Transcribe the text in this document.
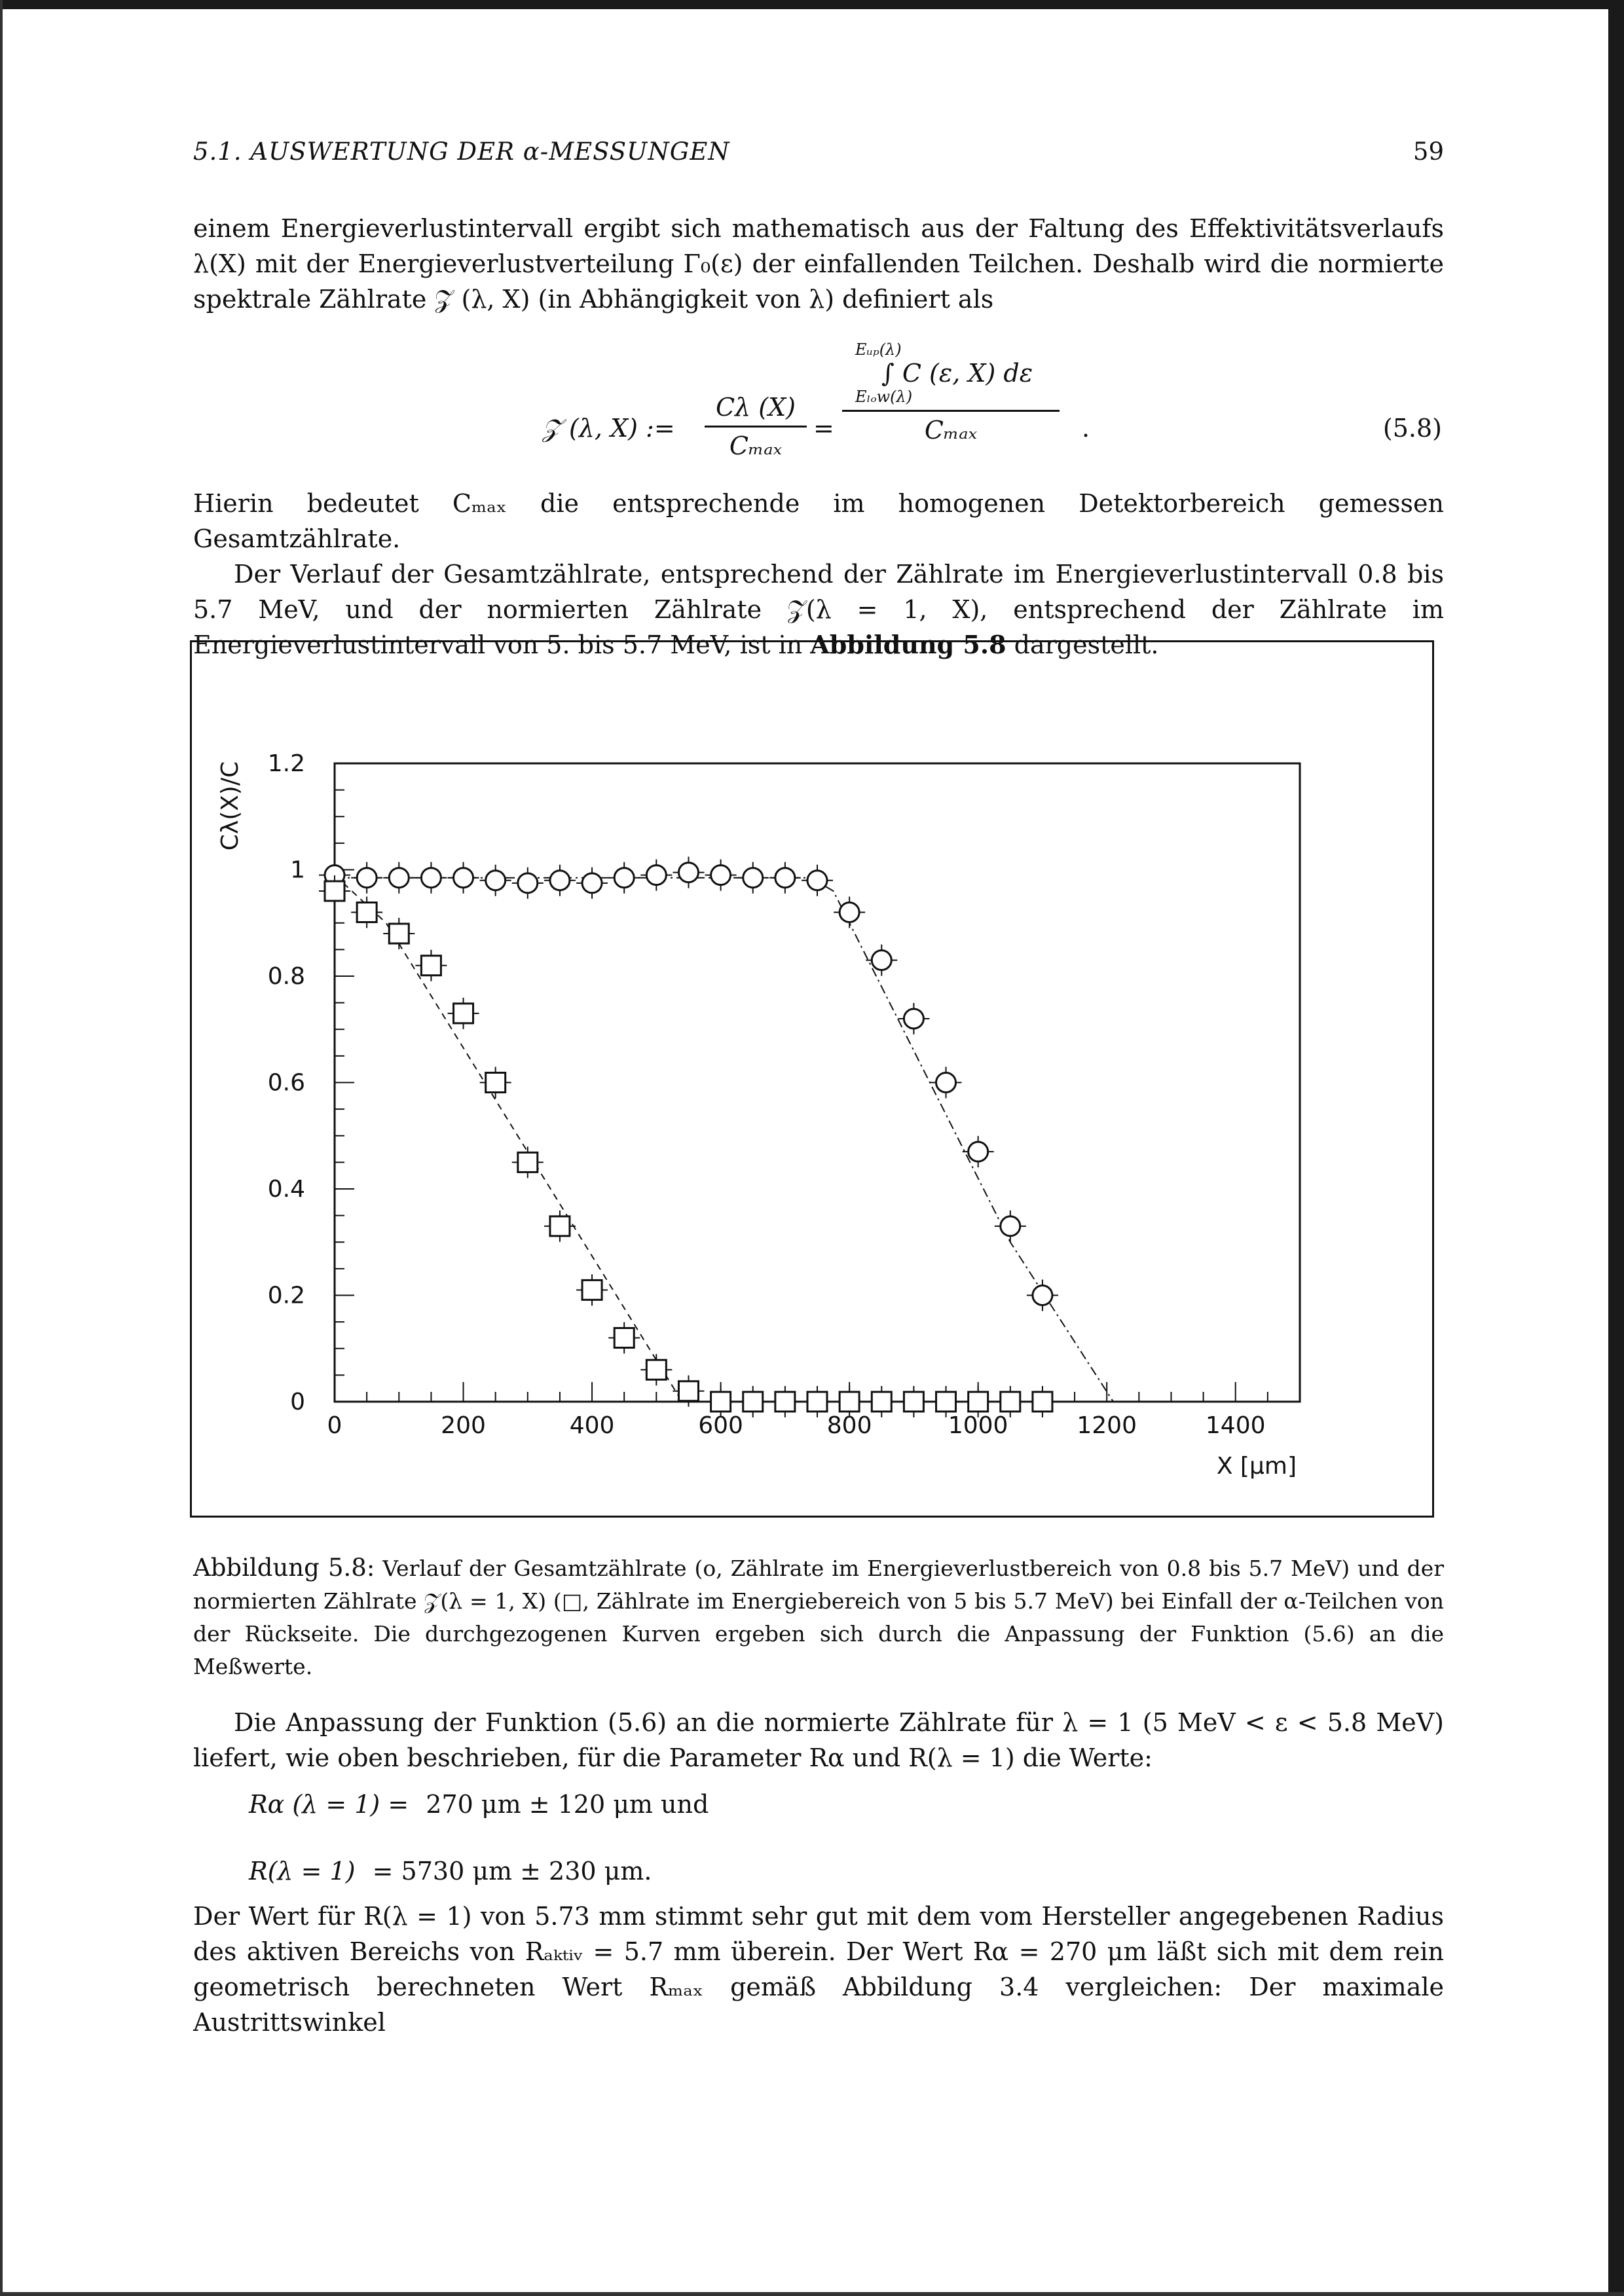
5.1. AUSWERTUNG DER α-MESSUNGEN	59

einem Energieverlustintervall ergibt sich mathematisch aus der Faltung des Effektivitätsverlaufs λ(X) mit der Energieverlustverteilung Γ₀(ε) der einfallenden Teilchen. Deshalb wird die normierte spektrale Zählrate 𝒵 (λ, X) (in Abhängigkeit von λ) definiert als

𝒵 (λ, X) :=
Cλ (X)
Cₘₐₓ
=
Eᵤₚ(λ)
∫ C (ε, X) dε
Eₗₒw(λ)
Cₘₐₓ	.	(5.8)

Hierin bedeutet Cₘₐₓ die entsprechende im homogenen Detektorbereich gemessen Gesamtzählrate.

Der Verlauf der Gesamtzählrate, entsprechend der Zählrate im Energieverlustintervall 0.8 bis 5.7 MeV, und der normierten Zählrate 𝒵(λ = 1, X), entsprechend der Zählrate im Energieverlustintervall von 5. bis 5.7 MeV, ist in Abbildung 5.8 dargestellt.

0	200	400	600	800	1000	1200	1400
0
0.2
0.4
0.6
0.8
1
1.2
X [μm]
Cλ(X)/C
Abbildung 5.8: Verlauf der Gesamtzählrate (o, Zählrate im Energieverlustbereich von 0.8 bis 5.7 MeV) und der normierten Zählrate 𝒵(λ = 1, X) (□, Zählrate im Energiebereich von 5 bis 5.7 MeV) bei Einfall der α-Teilchen von der Rückseite. Die durchgezogenen Kurven ergeben sich durch die Anpassung der Funktion (5.6) an die Meßwerte.

Die Anpassung der Funktion (5.6) an die normierte Zählrate für λ = 1 (5 MeV < ε < 5.8 MeV) liefert, wie oben beschrieben, für die Parameter Rα und R(λ = 1) die Werte:

Rα (λ = 1) = 270 μm ± 120 μm und
R(λ = 1) = 5730 μm ± 230 μm.

Der Wert für R(λ = 1) von 5.73 mm stimmt sehr gut mit dem vom Hersteller angegebenen Radius des aktiven Bereichs von Rₐₖₜᵢᵥ = 5.7 mm überein. Der Wert Rα = 270 μm läßt sich mit dem rein geometrisch berechneten Wert Rₘₐₓ gemäß Abbildung 3.4 vergleichen: Der maximale Austrittswinkel
